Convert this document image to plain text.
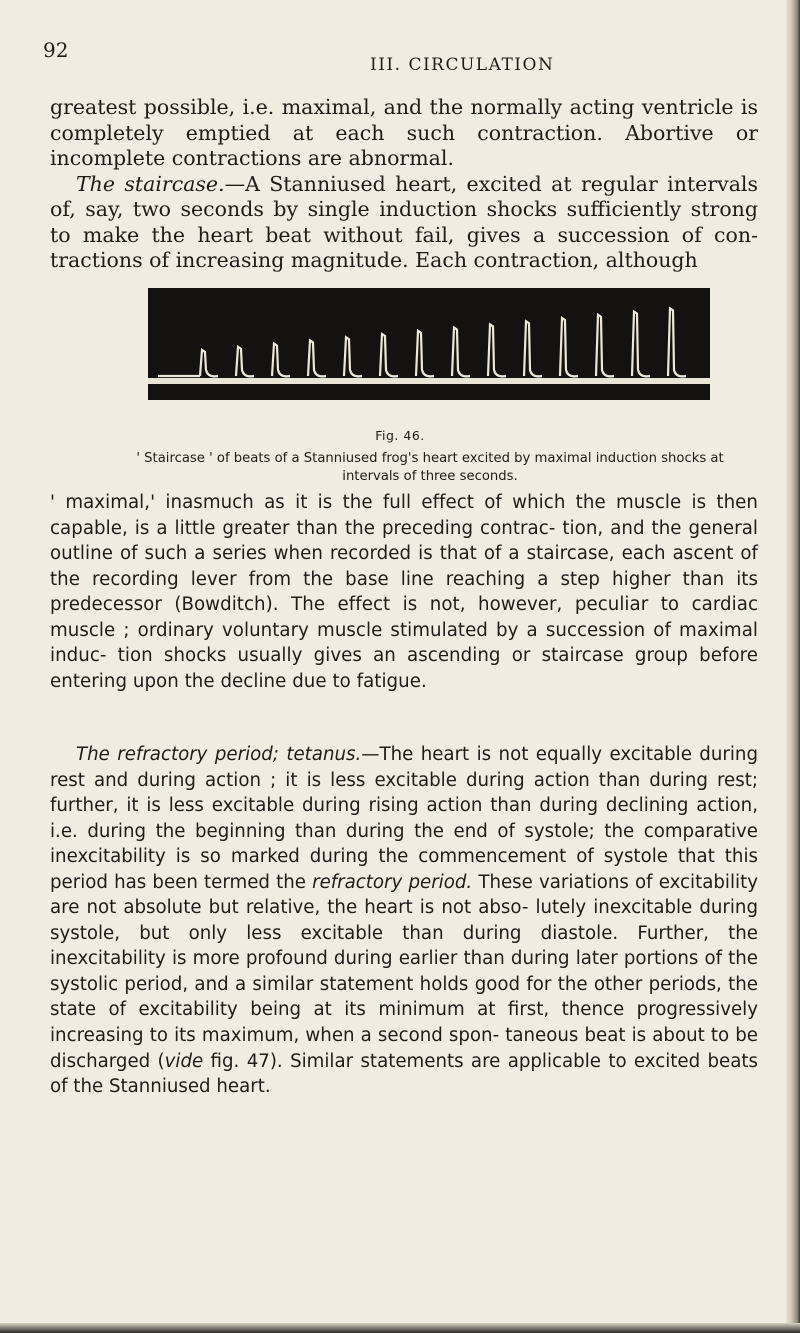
92
III. CIRCULATION

greatest possible, i.e. maximal, and the normally acting ventricle is completely emptied at each such contraction. Abortive or incomplete contractions are abnormal.
The staircase.—A Stanniused heart, excited at regular intervals of, say, two seconds by single induction shocks sufficiently strong to make the heart beat without fail, gives a succession of con- tractions of increasing magnitude. Each contraction, although

Fig. 46.
' Staircase ' of beats of a Stanniused frog's heart excited by maximal induction shocks at intervals of three seconds.

' maximal,' inasmuch as it is the full effect of which the muscle is then capable, is a little greater than the preceding contrac- tion, and the general outline of such a series when recorded is that of a staircase, each ascent of the recording lever from the base line reaching a step higher than its predecessor (Bowditch). The effect is not, however, peculiar to cardiac muscle ; ordinary voluntary muscle stimulated by a succession of maximal induc- tion shocks usually gives an ascending or staircase group before entering upon the decline due to fatigue.

The refractory period; tetanus.—The heart is not equally excitable during rest and during action ; it is less excitable during action than during rest; further, it is less excitable during rising action than during declining action, i.e. during the beginning than during the end of systole; the comparative inexcitability is so marked during the commencement of systole that this period has been termed the refractory period. These variations of excitability are not absolute but relative, the heart is not abso- lutely inexcitable during systole, but only less excitable than during diastole. Further, the inexcitability is more profound during earlier than during later portions of the systolic period, and a similar statement holds good for the other periods, the state of excitability being at its minimum at first, thence progressively increasing to its maximum, when a second spon- taneous beat is about to be discharged (vide fig. 47). Similar statements are applicable to excited beats of the Stanniused heart.
